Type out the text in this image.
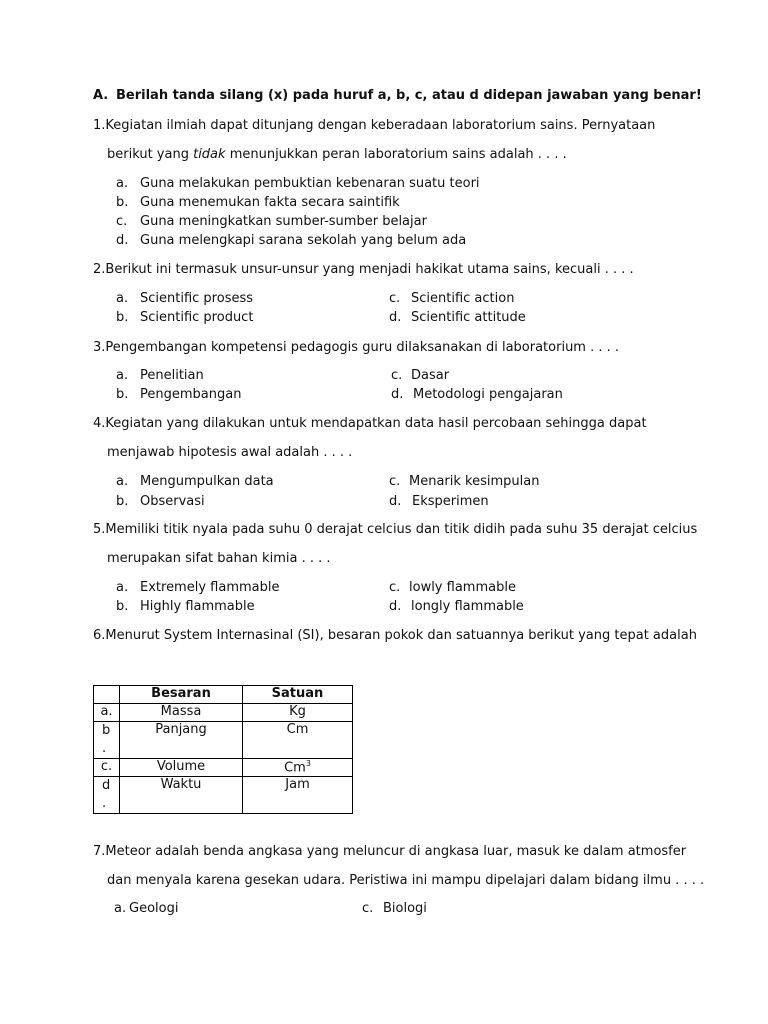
A. Berilah tanda silang (x) pada huruf a, b, c, atau d didepan jawaban yang benar!
1.Kegiatan ilmiah dapat ditunjang dengan keberadaan laboratorium sains. Pernyataan
berikut yang tidak menunjukkan peran laboratorium sains adalah . . . .
a. Guna melakukan pembuktian kebenaran suatu teori
b. Guna menemukan fakta secara saintifik
c. Guna meningkatkan sumber-sumber belajar
d. Guna melengkapi sarana sekolah yang belum ada
2.Berikut ini termasuk unsur-unsur yang menjadi hakikat utama sains, kecuali . . . .
a. Scientific prosess
b. Scientific product
c. Scientific action
d. Scientific attitude
3.Pengembangan kompetensi pedagogis guru dilaksanakan di laboratorium . . . .
a. Penelitian
b. Pengembangan
c. Dasar
d. Metodologi pengajaran
4.Kegiatan yang dilakukan untuk mendapatkan data hasil percobaan sehingga dapat
menjawab hipotesis awal adalah . . . .
a. Mengumpulkan data
b. Observasi
c. Menarik kesimpulan
d. Eksperimen
5.Memiliki titik nyala pada suhu 0 derajat celcius dan titik didih pada suhu 35 derajat celcius
merupakan sifat bahan kimia . . . .
a. Extremely flammable
b. Highly flammable
c. lowly flammable
d. longly flammable
6.Menurut System Internasinal (SI), besaran pokok dan satuannya berikut yang tepat adalah
	Besaran	Satuan
a.	Massa	Kg
b .	Panjang	Cm
c.	Volume	Cm$^3$
d .	Waktu	Jam
7.Meteor adalah benda angkasa yang meluncur di angkasa luar, masuk ke dalam atmosfer
dan menyala karena gesekan udara. Peristiwa ini mampu dipelajari dalam bidang ilmu . . . .
a. Geologi	c. Biologi
